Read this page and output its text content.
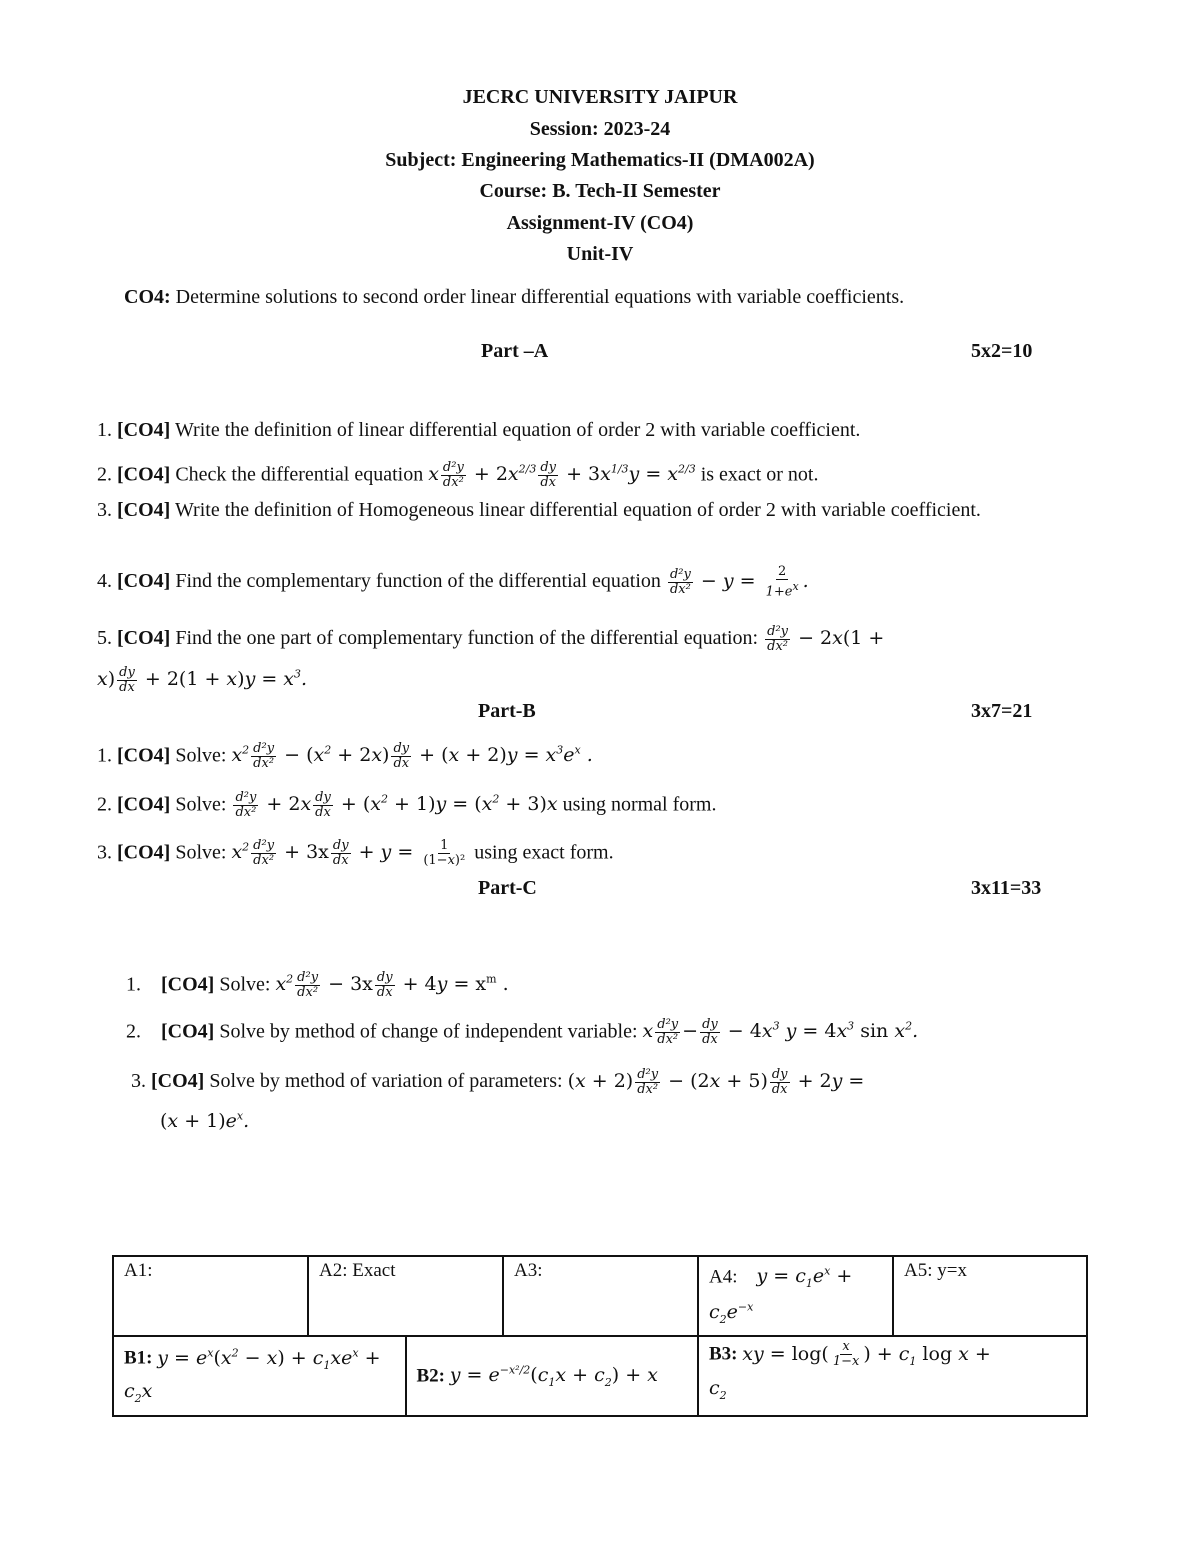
JECRC UNIVERSITY JAIPUR
Session: 2023-24
Subject: Engineering Mathematics-II (DMA002A)
Course: B. Tech-II Semester
Assignment-IV (CO4)
Unit-IV
CO4: Determine solutions to second order linear differential equations with variable coefficients.
Part –A	5x2=10
1. [CO4] Write the definition of linear differential equation of order 2 with variable coefficient.
2. [CO4] Check the differential equation x $\frac{\text{d²y}}{\text{dx²}} + 2x^{2/3} \frac{dy}{dx} + 3x^{1/3}y = x^{2/3}$ is exact or not.
3. [CO4] Write the definition of Homogeneous linear differential equation of order 2 with variable coefficient.
4. [CO4] Find the complementary function of the differential equation $\frac{\text{d²y}}{\text{dx²}} - y = \frac{2}{1+e^x}$ .
5. [CO4] Find the one part of complementary function of the differential equation: $\frac{\text{d²y}}{\text{dx²}} - 2x(1$ +
$x) \frac{dy}{dx} + 2(1 + x)y = x^3$.
Part-B	3x7=21
1. [CO4] Solve: $x^2 \frac{\text{d²y}}{\text{dx²}} - (x^2 + 2x) \frac{dy}{dx} + (x + 2)y = x^3e^x$ .
2. [CO4] Solve: $\frac{\text{d²y}}{\text{dx²}} + 2x \frac{dy}{dx} + (x^2 + 1)y = (x^2 + 3)x$ using normal form.
3. [CO4] Solve: $x^2 \frac{\text{d²y}}{\text{dx²}} + 3x \frac{dy}{dx} + y = \frac{1}{\text{(1−x)²}}$ using exact form.
Part-C	3x11=33
1.    [CO4] Solve: $x^2 \frac{\text{d²y}}{\text{dx²}} - 3x \frac{dy}{dx} + 4y = x^m$ .
2.    [CO4] Solve by method of change of independent variable: x $\frac{\text{d²y}}{\text{dx²}} - \frac{dy}{dx} - 4x^3$ $y = 4x^3$ $\sin x^2$.
3. [CO4] Solve by method of variation of parameters: $(x + 2) \frac{\text{d²y}}{\text{dx²}} - (2x + 5) \frac{dy}{dx} + 2y$ =
$(x + 1)e^x$.
A1:	A2: Exact		A3:	A4: $y = c_1e^x$ +
$c_2e^{-x}$	A5: y=x
B1: $y = e^x(x^2 - x) + c_1xe^x$ +
$c_2x$		B2: $y = e^{-x^2/2}(c_1x + c_2) + x$		B3: xy = $\log( \frac{x}{1-x}$ ) + $c_1$ log x +
$c_2$
